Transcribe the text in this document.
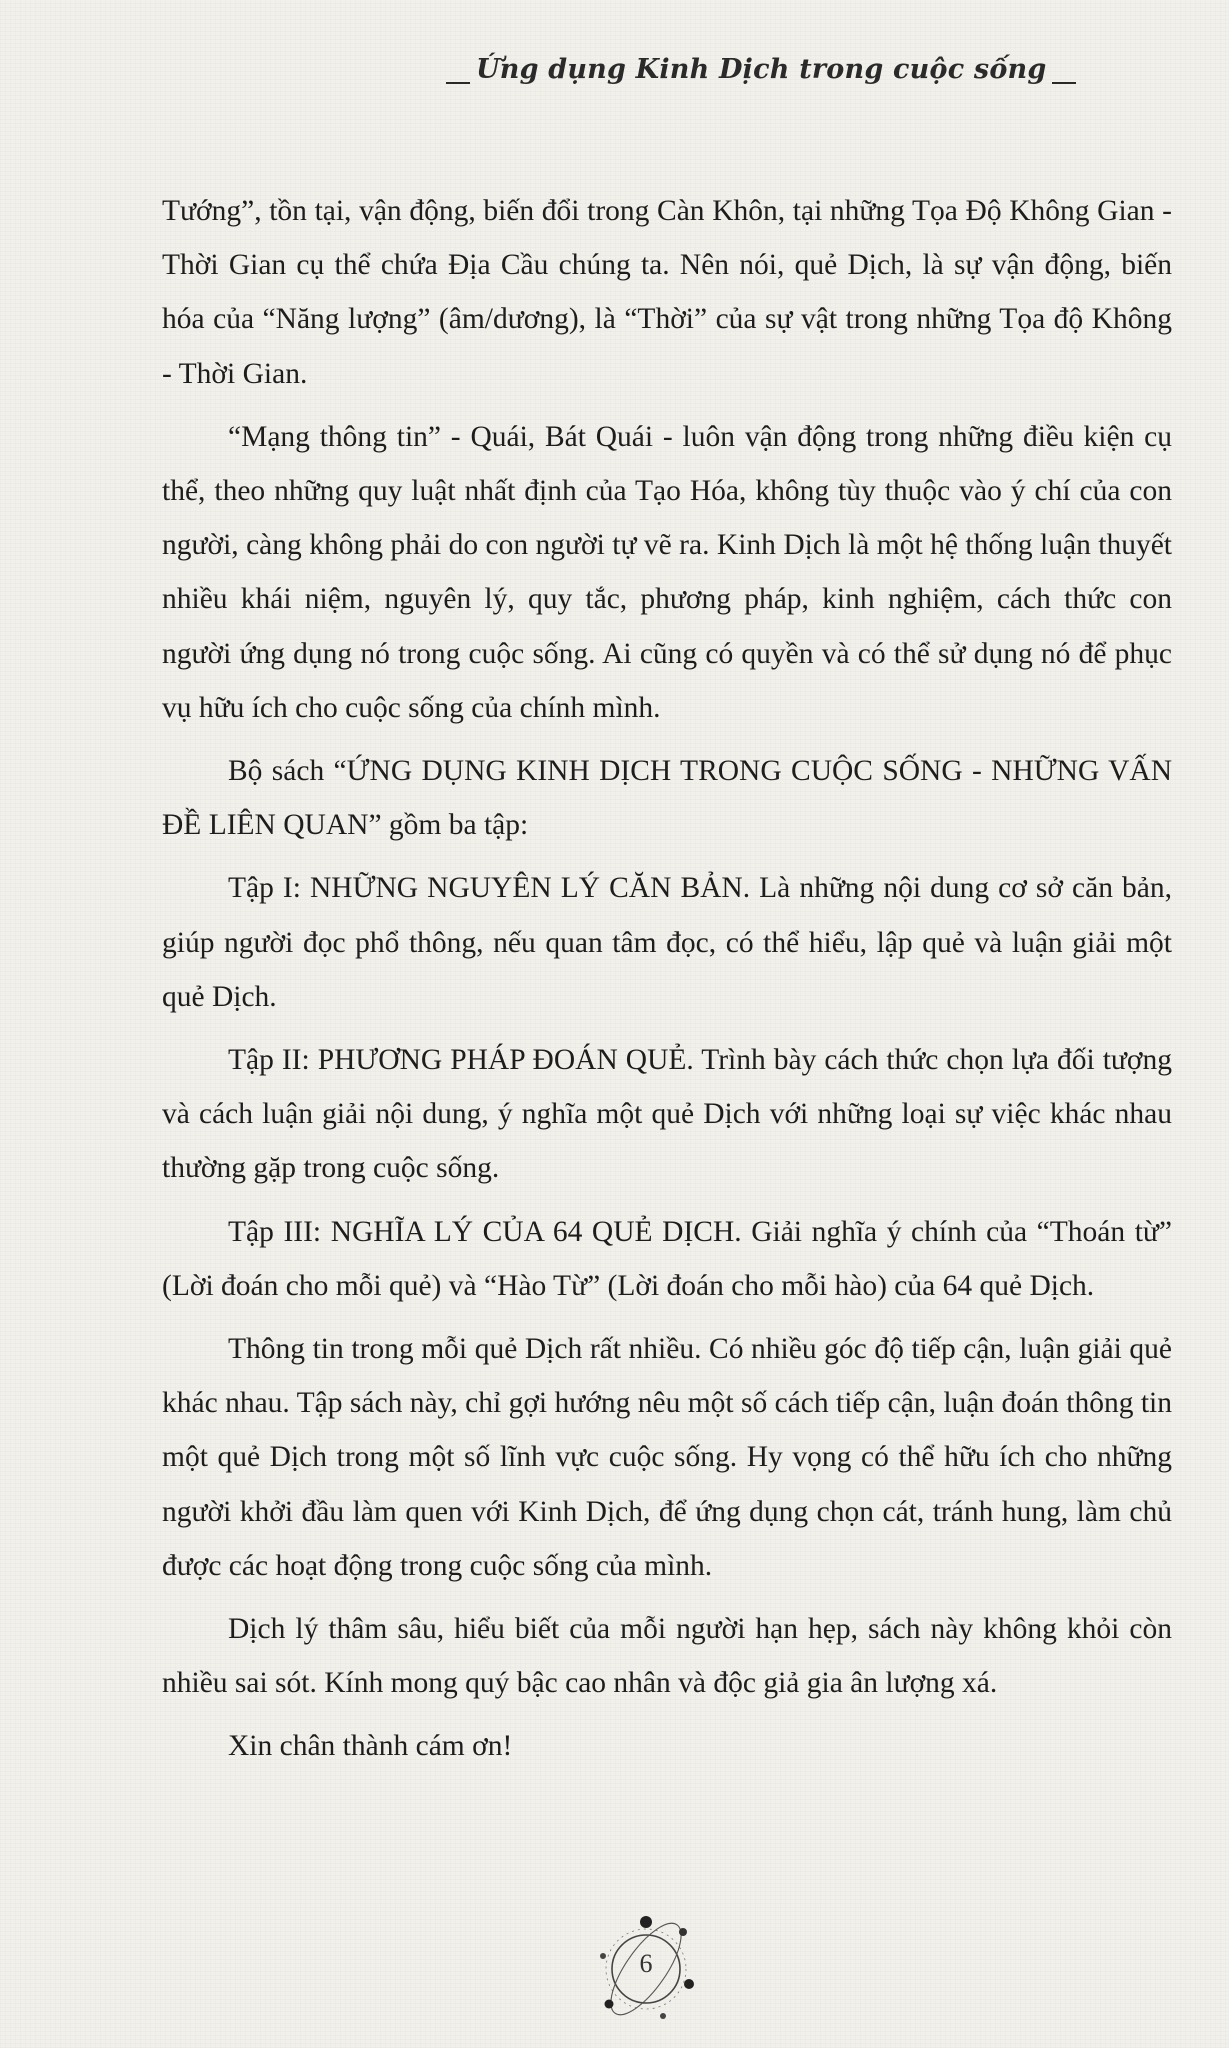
Ứng dụng Kinh Dịch trong cuộc sống

Tướng”, tồn tại, vận động, biến đổi trong Càn Khôn, tại những Tọa Độ Không Gian - Thời Gian cụ thể chứa Địa Cầu chúng ta. Nên nói, quẻ Dịch, là sự vận động, biến hóa của “Năng lượng” (âm/dương), là “Thời” của sự vật trong những Tọa độ Không - Thời Gian.

“Mạng thông tin” - Quái, Bát Quái - luôn vận động trong những điều kiện cụ thể, theo những quy luật nhất định của Tạo Hóa, không tùy thuộc vào ý chí của con người, càng không phải do con người tự vẽ ra. Kinh Dịch là một hệ thống luận thuyết nhiều khái niệm, nguyên lý, quy tắc, phương pháp, kinh nghiệm, cách thức con người ứng dụng nó trong cuộc sống. Ai cũng có quyền và có thể sử dụng nó để phục vụ hữu ích cho cuộc sống của chính mình.

Bộ sách “ỨNG DỤNG KINH DỊCH TRONG CUỘC SỐNG - NHỮNG VẤN ĐỀ LIÊN QUAN” gồm ba tập:

Tập I: NHỮNG NGUYÊN LÝ CĂN BẢN. Là những nội dung cơ sở căn bản, giúp người đọc phổ thông, nếu quan tâm đọc, có thể hiểu, lập quẻ và luận giải một quẻ Dịch.

Tập II: PHƯƠNG PHÁP ĐOÁN QUẺ. Trình bày cách thức chọn lựa đối tượng và cách luận giải nội dung, ý nghĩa một quẻ Dịch với những loại sự việc khác nhau thường gặp trong cuộc sống.

Tập III: NGHĨA LÝ CỦA 64 QUẺ DỊCH. Giải nghĩa ý chính của “Thoán từ” (Lời đoán cho mỗi quẻ) và “Hào Từ” (Lời đoán cho mỗi hào) của 64 quẻ Dịch.

Thông tin trong mỗi quẻ Dịch rất nhiều. Có nhiều góc độ tiếp cận, luận giải quẻ khác nhau. Tập sách này, chỉ gợi hướng nêu một số cách tiếp cận, luận đoán thông tin một quẻ Dịch trong một số lĩnh vực cuộc sống. Hy vọng có thể hữu ích cho những người khởi đầu làm quen với Kinh Dịch, để ứng dụng chọn cát, tránh hung, làm chủ được các hoạt động trong cuộc sống của mình.

Dịch lý thâm sâu, hiểu biết của mỗi người hạn hẹp, sách này không khỏi còn nhiều sai sót. Kính mong quý bậc cao nhân và độc giả gia ân lượng xá.

Xin chân thành cám ơn!

6
